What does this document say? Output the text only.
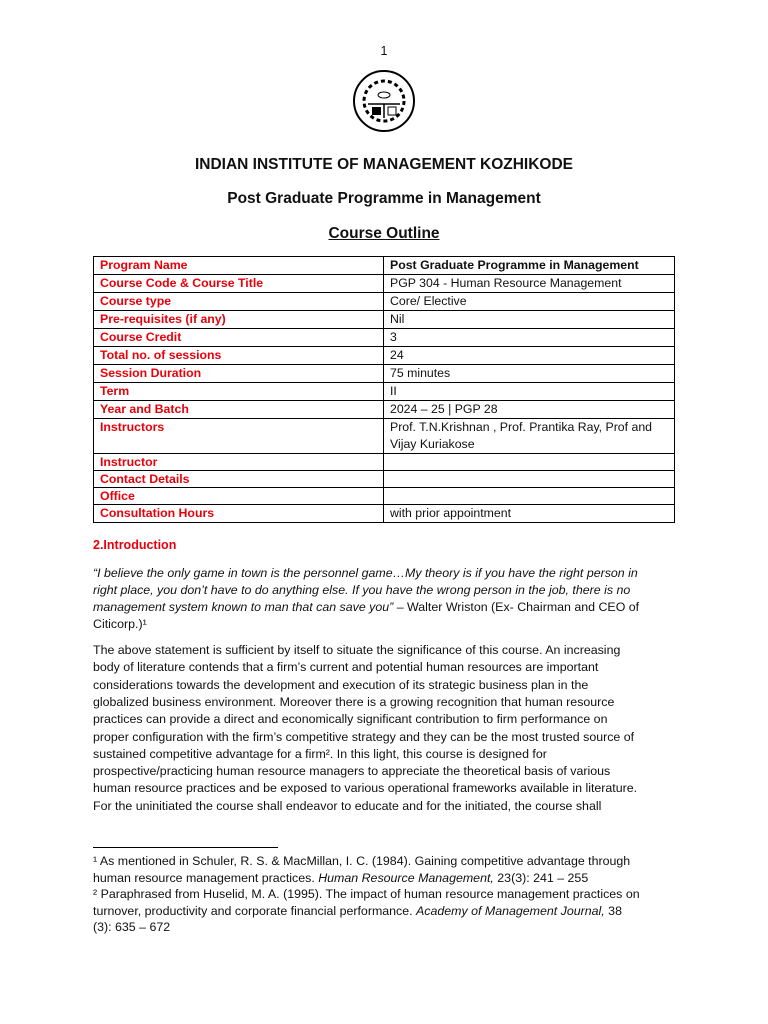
1
INDIAN INSTITUTE OF MANAGEMENT KOZHIKODE
Post Graduate Programme in Management
Course Outline
Program Name	Post Graduate Programme in Management
Course Code & Course Title	PGP 304 - Human Resource Management
Course type	Core/ Elective
Pre-requisites (if any)	Nil
Course Credit	3
Total no. of sessions	24
Session Duration	75 minutes
Term	II
Year and Batch	2024 – 25 | PGP 28
Instructors	Prof. T.N.Krishnan , Prof. Prantika Ray, Prof and Vijay Kuriakose
Instructor	
Contact Details	
Office	
Consultation Hours	with prior appointment
2.Introduction
“I believe the only game in town is the personnel game…My theory is if you have the right person in
right place, you don’t have to do anything else. If you have the wrong person in the job, there is no
management system known to man that can save you” – Walter Wriston (Ex- Chairman and CEO of
Citicorp.)¹
The above statement is sufficient by itself to situate the significance of this course. An increasing
body of literature contends that a firm’s current and potential human resources are important
considerations towards the development and execution of its strategic business plan in the
globalized business environment. Moreover there is a growing recognition that human resource
practices can provide a direct and economically significant contribution to firm performance on
proper configuration with the firm’s competitive strategy and they can be the most trusted source of
sustained competitive advantage for a firm². In this light, this course is designed for
prospective/practicing human resource managers to appreciate the theoretical basis of various
human resource practices and be exposed to various operational frameworks available in literature.
For the uninitiated the course shall endeavor to educate and for the initiated, the course shall
¹ As mentioned in Schuler, R. S. & MacMillan, I. C. (1984). Gaining competitive advantage through
human resource management practices. Human Resource Management, 23(3): 241 – 255
² Paraphrased from Huselid, M. A. (1995). The impact of human resource management practices on
turnover, productivity and corporate financial performance. Academy of Management Journal, 38
(3): 635 – 672
